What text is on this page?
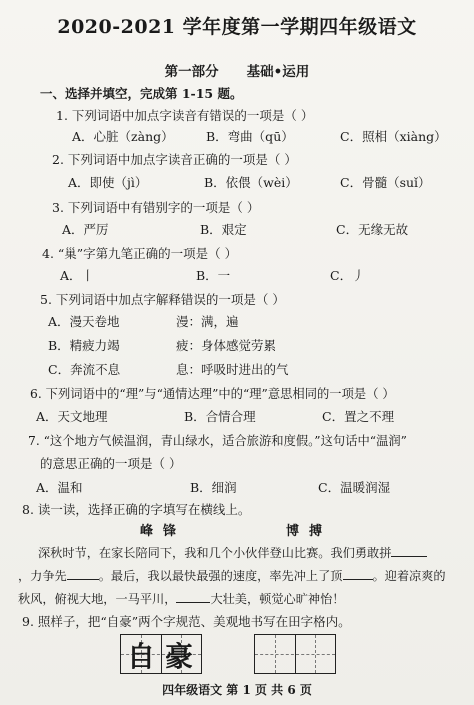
2020-2021 学年度第一学期四年级语文
第一部分 基础•运用
一、选择并填空，完成第 1-15 题。
1. 下列词语中加点字读音有错误的一项是（ ）
A．心脏（zàng）	B．弯曲（qū）	C．照相（xiàng）
2. 下列词语中加点字读音正确的一项是（ ）
A．即使（jì）	B．依偎（wèi）	C．骨髓（suǐ）
3. 下列词语中有错别字的一项是（ ）
A．严厉	B．艰定	C．无缘无故
4. “巢”字第九笔正确的一项是（ ）
A．丨	B．一	C．丿
5. 下列词语中加点字解释错误的一项是（ ）
A．漫天卷地	漫：满，遍
B．精疲力竭	疲：身体感觉劳累
C．奔流不息	息：呼吸时进出的气
6. 下列词语中的“理”与“通情达理”中的“理”意思相同的一项是（ ）
A．天文地理	B．合情合理	C．置之不理
7. “这个地方气候温润，青山绿水，适合旅游和度假。”这句话中“温润”
的意思正确的一项是（ ）
A．温和	B．细润	C．温暖润湿
8. 读一读，选择正确的字填写在横线上。
峰锋	博搏
深秋时节，在家长陪同下，我和几个小伙伴登山比赛。我们勇敢拼
，力争先	。最后，我以最快最强的速度，率先冲上了顶 。迎着凉爽的
秋风，俯视大地，一马平川，	大壮美，顿觉心旷神怡！
9. 照样子，把“自豪”两个字规范、美观地书写在田字格内。
自 豪
四年级语文 第 1 页 共 6 页
